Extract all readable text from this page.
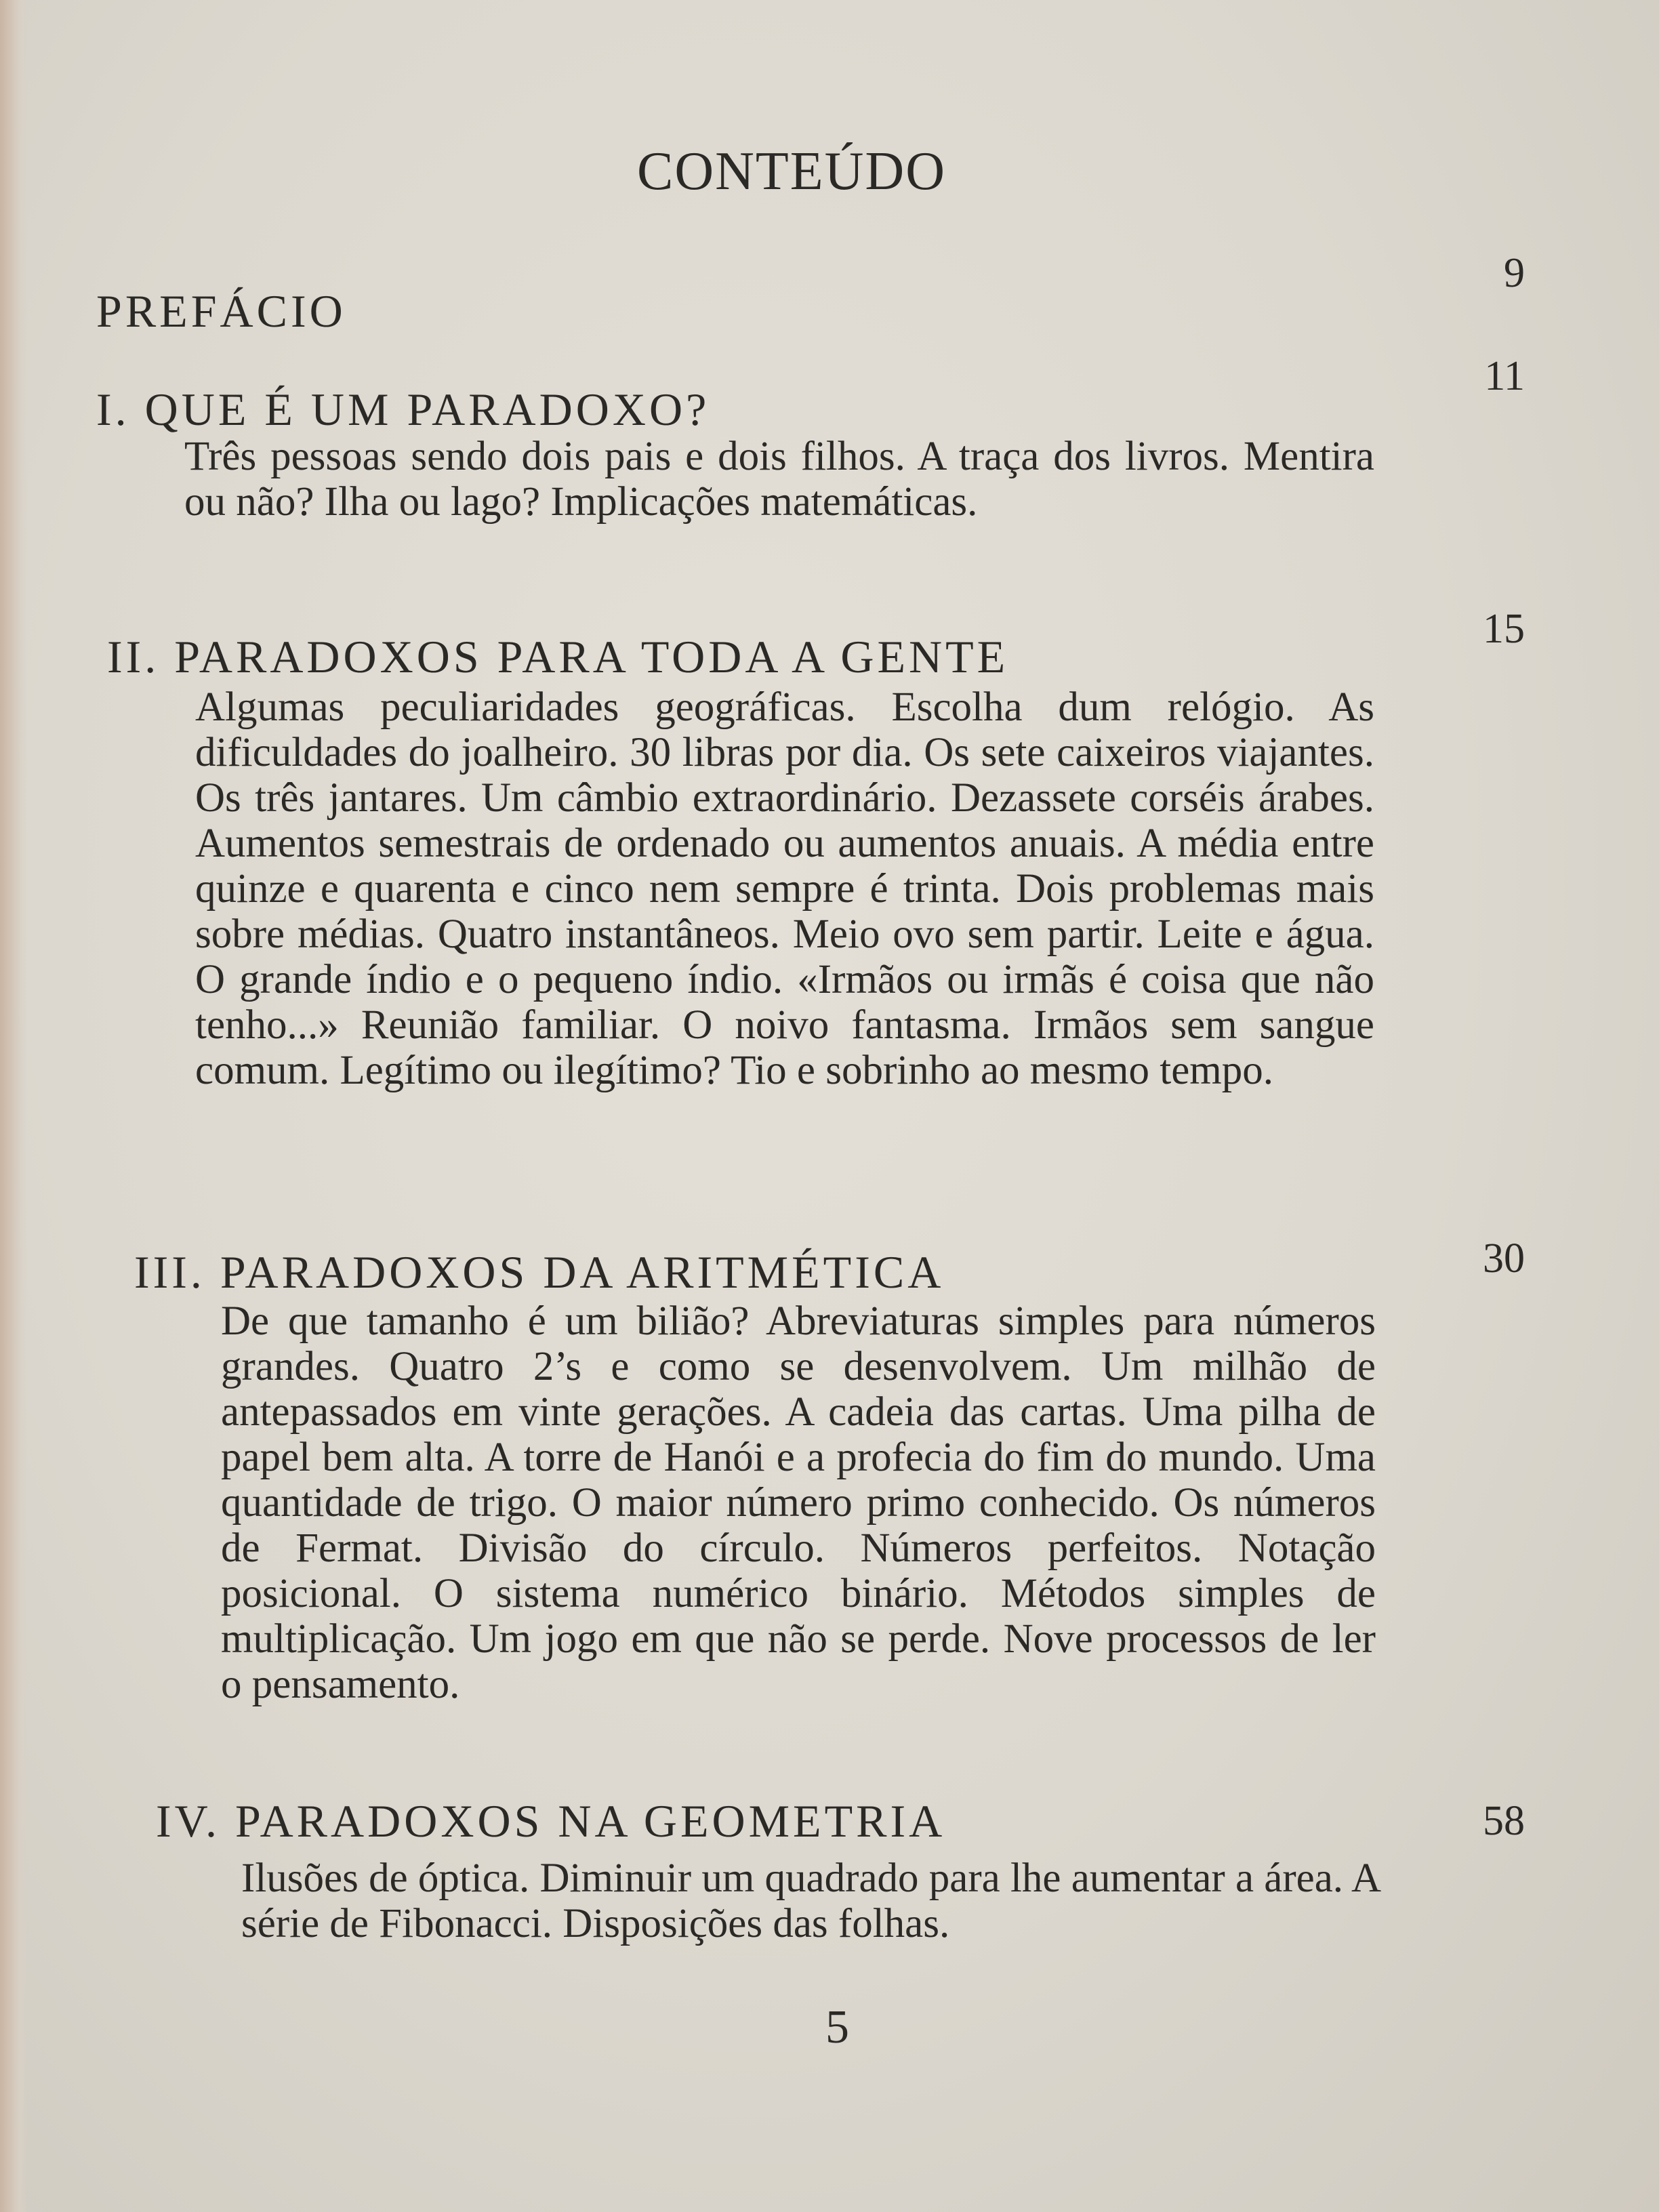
CONTEÚDO
PREFÁCIO
9
I. QUE É UM PARADOXO?
11
Três pessoas sendo dois pais e dois filhos. A traça dos livros. Mentira ou não? Ilha ou lago? Implicações matemáticas.
II. PARADOXOS PARA TODA A GENTE
15
Algumas peculiaridades geográficas. Escolha dum relógio. As dificuldades do joalheiro. 30 libras por dia. Os sete caixeiros viajantes. Os três jantares. Um câmbio extraordinário. Dezassete corséis árabes. Aumentos semestrais de ordenado ou aumentos anuais. A média entre quinze e quarenta e cinco nem sempre é trinta. Dois problemas mais sobre médias. Quatro instantâneos. Meio ovo sem partir. Leite e água. O grande índio e o pequeno índio. «Irmãos ou irmãs é coisa que não tenho...» Reunião familiar. O noivo fantasma. Irmãos sem sangue comum. Legítimo ou ilegítimo? Tio e sobrinho ao mesmo tempo.
III. PARADOXOS DA ARITMÉTICA	30
De que tamanho é um bilião? Abreviaturas simples para números grandes. Quatro 2’s e como se desenvolvem. Um milhão de antepassados em vinte gerações. A cadeia das cartas. Uma pilha de papel bem alta. A torre de Hanói e a profecia do fim do mundo. Uma quantidade de trigo. O maior número primo conhecido. Os números de Fermat. Divisão do círculo. Números perfeitos. Notação posicional. O sistema numérico binário. Métodos simples de multiplicação. Um jogo em que não se perde. Nove processos de ler o pensamento.
IV. PARADOXOS NA GEOMETRIA	58
Ilusões de óptica. Diminuir um quadrado para lhe aumentar a área. A série de Fibonacci. Disposições das folhas.
5
